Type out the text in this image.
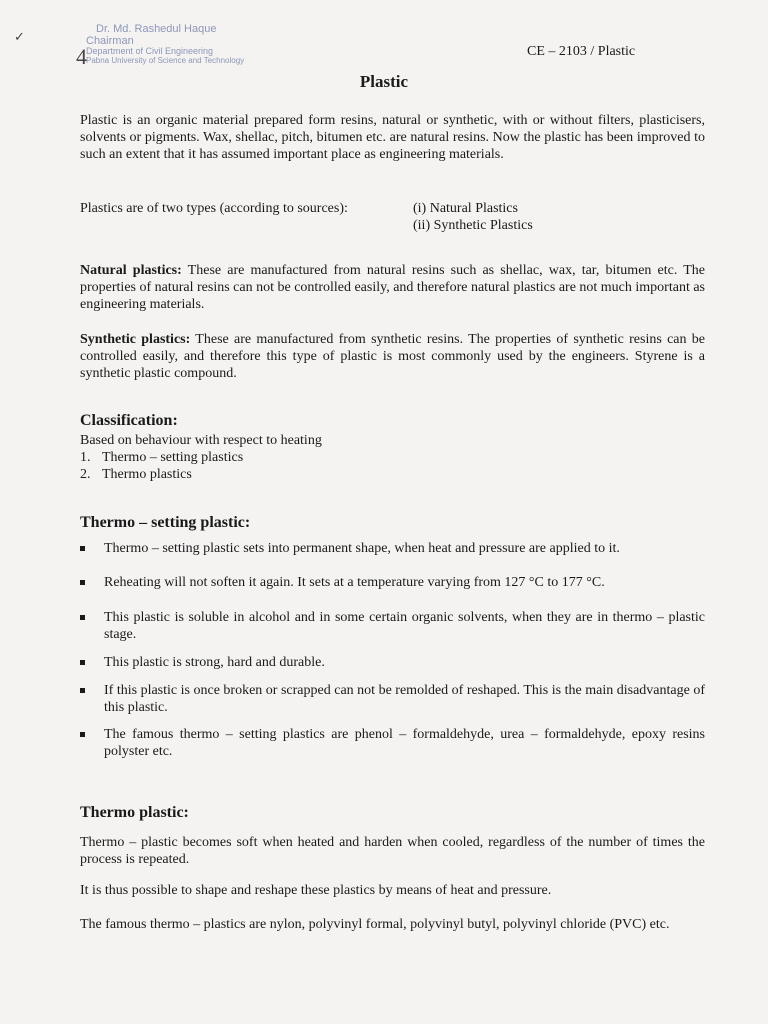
✓
4
Dr. Md. Rashedul Haque
Chairman
Department of Civil Engineering
Pabna University of Science and Technology
CE – 2103 / Plastic
Plastic

Plastic is an organic material prepared form resins, natural or synthetic, with or without filters, plasticisers, solvents or pigments. Wax, shellac, pitch, bitumen etc. are natural resins. Now the plastic has been improved to such an extent that it has assumed important place as engineering materials.

Plastics are of two types (according to sources):	(i) Natural Plastics
(ii) Synthetic Plastics

Natural plastics: These are manufactured from natural resins such as shellac, wax, tar, bitumen etc. The properties of natural resins can not be controlled easily, and therefore natural plastics are not much important as engineering materials.

Synthetic plastics: These are manufactured from synthetic resins. The properties of synthetic resins can be controlled easily, and therefore this type of plastic is most commonly used by the engineers. Styrene is a synthetic plastic compound.

Classification:
Based on behaviour with respect to heating
1. Thermo – setting plastics
2. Thermo plastics
Thermo – setting plastic:
Thermo – setting plastic sets into permanent shape, when heat and pressure are applied to it.
Reheating will not soften it again. It sets at a temperature varying from 127 °C to 177 °C.
This plastic is soluble in alcohol and in some certain organic solvents, when they are in thermo – plastic stage.
This plastic is strong, hard and durable.
If this plastic is once broken or scrapped can not be remolded of reshaped. This is the main disadvantage of this plastic.
The famous thermo – setting plastics are phenol – formaldehyde, urea – formaldehyde, epoxy resins polyster etc.
Thermo plastic:

Thermo – plastic becomes soft when heated and harden when cooled, regardless of the number of times the process is repeated.

It is thus possible to shape and reshape these plastics by means of heat and pressure.

The famous thermo – plastics are nylon, polyvinyl formal, polyvinyl butyl, polyvinyl chloride (PVC) etc.
